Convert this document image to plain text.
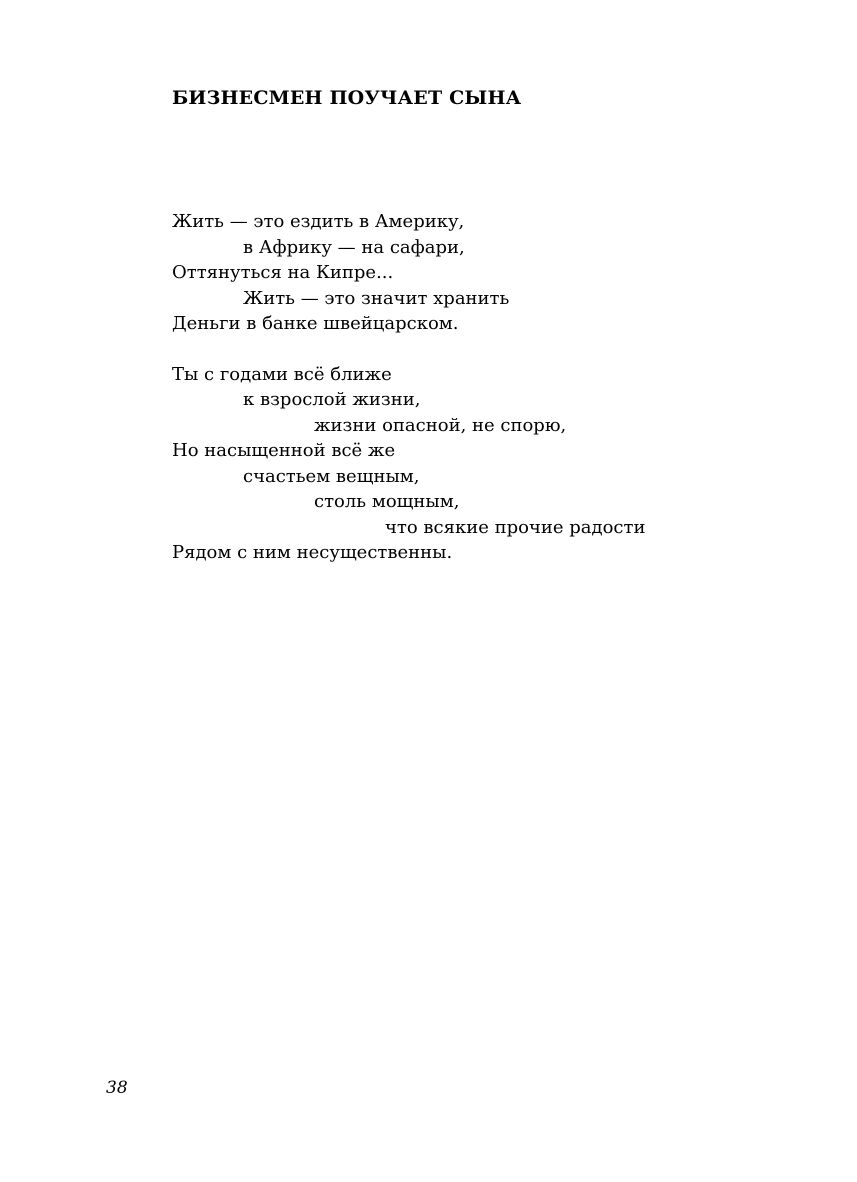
БИЗНЕСМЕН ПОУЧАЕТ СЫНА
Жить — это ездить в Америку,
в Африку — на сафари,
Оттянуться на Кипре...
Жить — это значит хранить
Деньги в банке швейцарском.
Ты с годами всё ближе
к взрослой жизни,
жизни опасной, не спорю,
Но насыщенной всё же
счастьем вещным,
столь мощным,
что всякие прочие радости
Рядом с ним несущественны.

38
